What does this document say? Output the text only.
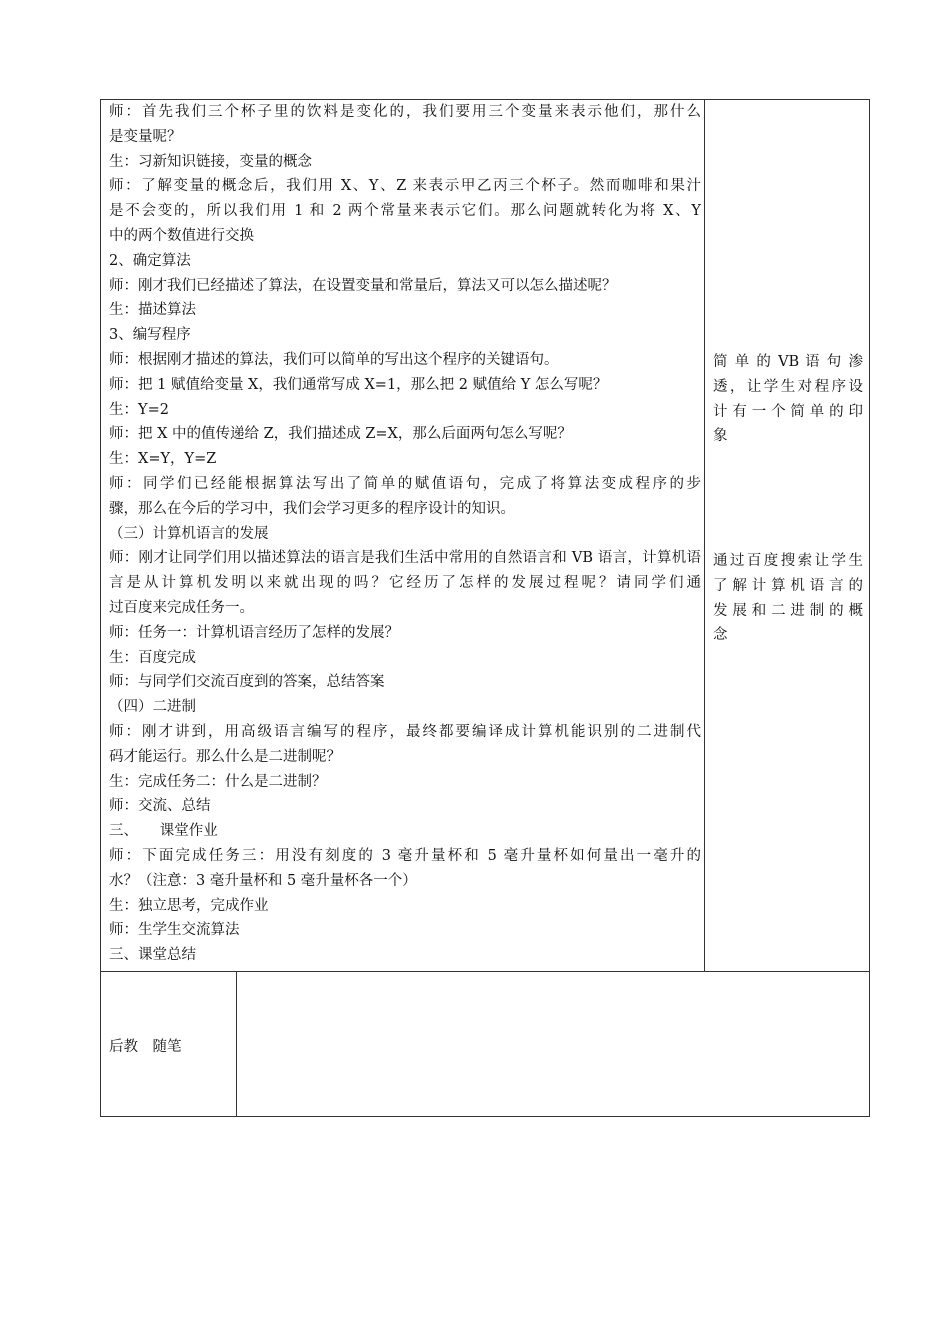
师：首先我们三个杯子里的饮料是变化的，我们要用三个变量来表示他们，那什么

是变量呢？

生：习新知识链接，变量的概念

师：了解变量的概念后，我们用 X、Y、Z 来表示甲乙丙三个杯子。然而咖啡和果汁

是不会变的，所以我们用 1 和 2 两个常量来表示它们。那么问题就转化为将 X、Y

中的两个数值进行交换

2、确定算法

师：刚才我们已经描述了算法，在设置变量和常量后，算法又可以怎么描述呢？

生：描述算法

3、编写程序

师：根据刚才描述的算法，我们可以简单的写出这个程序的关键语句。

师：把 1 赋值给变量 X，我们通常写成 X=1，那么把 2 赋值给 Y 怎么写呢？

生：Y=2

师：把 X 中的值传递给 Z，我们描述成 Z=X，那么后面两句怎么写呢？

生：X=Y，Y=Z

师：同学们已经能根据算法写出了简单的赋值语句，完成了将算法变成程序的步

骤，那么在今后的学习中，我们会学习更多的程序设计的知识。

（三）计算机语言的发展

师：刚才让同学们用以描述算法的语言是我们生活中常用的自然语言和 VB 语言，计算机语

言是从计算机发明以来就出现的吗？它经历了怎样的发展过程呢？请同学们通

过百度来完成任务一。

师：任务一：计算机语言经历了怎样的发展？

生：百度完成

师：与同学们交流百度到的答案，总结答案

（四）二进制

师：刚才讲到，用高级语言编写的程序，最终都要编译成计算机能识别的二进制代

码才能运行。那么什么是二进制呢？

生：完成任务二：什么是二进制？

师：交流、总结

三、　　课堂作业

师：下面完成任务三：用没有刻度的 3 毫升量杯和 5 毫升量杯如何量出一毫升的

水？（注意：3 毫升量杯和 5 毫升量杯各一个）

生：独立思考，完成作业

师：生学生交流算法

三、课堂总结

简 单 的 VB 语 句 渗

透，让学生对程序设

计有一个简单的印

象

通过百度搜索让学生

了解计算机语言的

发展和二进制的概

念

后教　随笔
